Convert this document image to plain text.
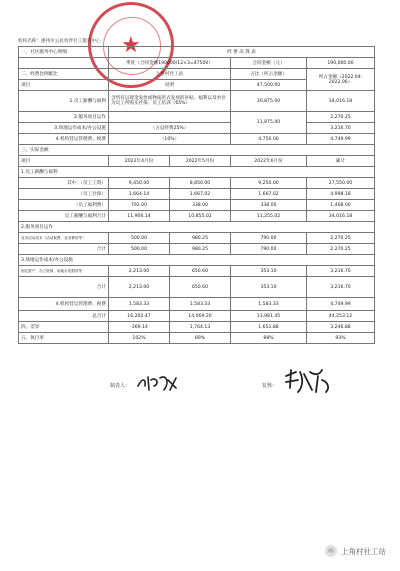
★
机构名称：惠州市公民伙伴社工服务中心
一、社区服务中心明细	经 费 决 算 表			
	季度（合同金额190000/12×3=47500）		合同金额（元）	190,000.00
二、经费比例配比	上角村社工站		占比（所占金额）	所占金额（2022.04-2022.06）
项目	说明		47,500.00	
1.员工薪酬与福利	含所有以现金发放或物质形式发放的补贴、福利以及单位为员工所购买社保、员工培训（65%）		30,875.00	34,016.18
2.服务项目运作			11,875.00	2,270.25
3.场地运作成本/办公设施	（占总经费25%）			3,216.70
4.机构营运管理费、税费	（10%）		4,750.00	4,749.99
三、实际金额				
项目	2022年4月份	2022年5月份	2022年6月份	累计
1.员工薪酬与福利				
其中：（员工工资）	9,450.00	8,850.00	9,250.00	27,550.00
（员工社保）	1,664.14	1,667.02	1,667.02	4,998.18
（员工福利费）	792.00	338.00	338.00	1,468.00
员工薪酬与福利合计	11,906.14	10,855.02	11,255.02	34,016.18
2.服务项目运作				
业务活动成本（活动耗费、业务费用等）	500.00	980.25	790.00	2,270.25
合计	500.00	980.25	790.00	2,270.25
3.场地运作成本/办公设施				
固定资产、办公资源、场地水电物管等	2,213.00	650.60	353.10	3,216.70
合计	2,213.00	650.60	353.10	3,216.70
4.机构营运管理费、税费	1,583.33	1,583.33	1,583.33	4,749.99
总合计	16,202.47	14,069.20	13,981.45	44,253.12
四、差异	-369.14	1,764.13	1,651.88	3,246.88
五、执行率	102%	89%	88%	93%
制表人：	复核：
上角村社工站
